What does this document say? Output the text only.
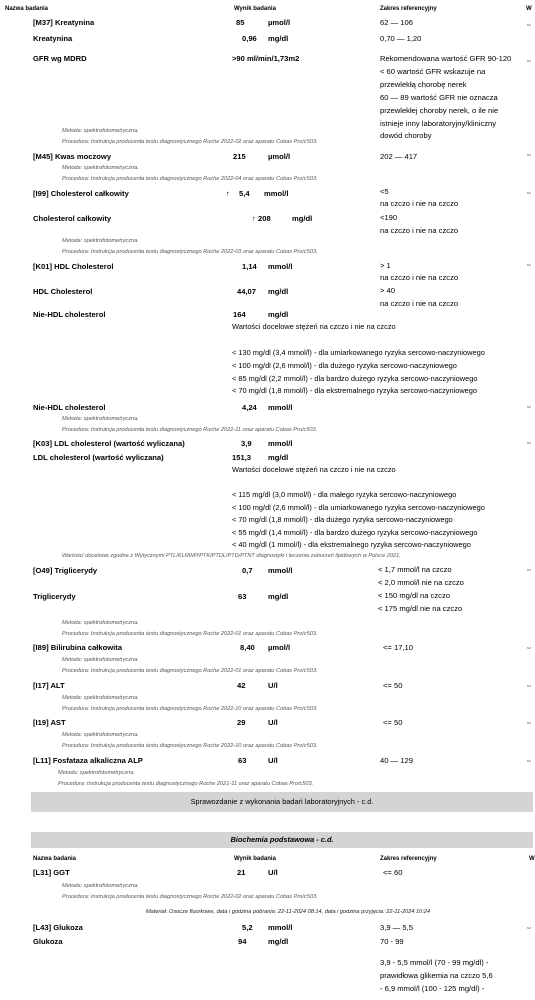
Nazwa badania	Wynik badania	Zakres referencyjny	W
[M37] Kreatynina	85	µmol/l	62 — 106
Kreatynina	0,96 mg/dl	0,70 — 1,20
GFR wg MDRD	>90 ml/min/1,73m2	Rekomendowana wartość GFR 90-120
< 60 wartość GFR wskazuje na
przewlekłą chorobę nerek
60 — 89 wartość GFR nie oznacza
przewlekłej choroby nerek, o ile nie
istnieje inny laboratoryjny/kliniczny
dowód choroby
Metoda: spektrofotometryczna.
Procedura: Instrukcja producenta testu diagnostycznego Roche 2022-02 oraz aparatu Cobas Pro/c503.
[M45] Kwas moczowy	215	µmol/l	202 — 417
Metoda: spektrofotometryczna.
Procedura: Instrukcja producenta testu diagnostycznego Roche 2022-04 oraz aparatu Cobas Pro/c503.
[I99] Cholesterol całkowity	↑ 5,4 mmol/l	<5
na czczo i nie na czczo
Cholesterol całkowity	↑ 208	mg/dl	<190
na czczo i nie na czczo
Metoda: spektrofotometryczna.
Procedura: Instrukcja producenta testu diagnostycznego Roche 2022-03 oraz aparatu Cobas Pro/c503.
[K01] HDL Cholesterol	1,14 mmol/l	> 1
na czczo i nie na czczo
HDL Cholesterol	44,07 mg/dl	> 40
na czczo i nie na czczo
Nie-HDL cholesterol	164	mg/dl
Wartości docelowe stężeń na czczo i nie na czczo
< 130 mg/dl (3,4 mmol/l) - dla umiarkowanego ryzyka sercowo-naczyniowego
< 100 mg/dl (2,6 mmol/l) - dla dużego ryzyka sercowo-naczyniowego
< 85 mg/dl (2,2 mmol/l) - dla bardzo dużego ryzyka sercowo-naczyniowego
< 70 mg/dl (1,8 mmol/l) - dla ekstremalnego ryzyka sercowo-naczyniowego
Nie-HDL cholesterol	4,24 mmol/l
Metoda: spektrofotometryczna.
Procedura: Instrukcja producenta testu diagnostycznego Roche 2022-11 oraz aparatu Cobas Pro/c503.
[K03] LDL cholesterol (wartość wyliczana)	3,9 mmol/l
LDL cholesterol (wartość wyliczana)	151,3 mg/dl
Wartości docelowe stężeń na czczo i nie na czczo
< 115 mg/dl (3,0 mmol/l) - dla małego ryzyka sercowo-naczyniowego
< 100 mg/dl (2,6 mmol/l) - dla umiarkowanego ryzyka sercowo-naczyniowego
< 70 mg/dl (1,8 mmol/l) - dla dużego ryzyka sercowo-naczyniowego
< 55 mg/dl (1,4 mmol/l) - dla bardzo dużego ryzyka sercowo-naczyniowego
< 40 mg/dl (1 mmol/l) - dla ekstremalnego ryzyka sercowo-naczyniowego
Wartości docelowe zgodne z Wytycznymi PTL/KLRWP/PTK/PTDL/PTD/PTNT diagnostyki i leczenia zaburzeń lipidowych w Polsce 2021.
[O49] Triglicerydy	0,7 mmol/l	< 1,7 mmol/l na czczo
< 2,0 mmol/l nie na czczo
Triglicerydy	63	mg/dl	< 150 mg/dl na czczo
< 175 mg/dl nie na czczo
Metoda: spektrofotometryczna.
Procedura: Instrukcja producenta testu diagnostycznego Roche 2022-01 oraz aparatu Cobas Pro/c503.
[I89] Bilirubina całkowita	8,40 µmol/l	<= 17,10
Metoda: spektrofotometryczna.
Procedura: Instrukcja producenta testu diagnostycznego Roche 2022-01 oraz aparatu Cobas Pro/c503.
[I17] ALT	42	U/l	<= 50
Metoda: spektrofotometryczna.
Procedura: Instrukcja producenta testu diagnostycznego Roche 2022-10 oraz aparatu Cobas Pro/c503.
[I19] AST	29	U/l	<= 50
Metoda: spektrofotometryczna.
Procedura: Instrukcja producenta testu diagnostycznego Roche 2022-10 oraz aparatu Cobas Pro/c503.
[L11] Fosfataza alkaliczna ALP	63	U/l	40 — 129
Metoda: spektrofotometryczna.
Procedura: Instrukcja producenta testu diagnostycznego Roche 2021-11 oraz aparatu Cobas Pro/c503.
Sprawozdanie z wykonania badań laboratoryjnych - c.d.
Biochemia podstawowa - c.d.
Nazwa badania	Wynik badania	Zakres referencyjny	W
[L31] GGT	21	U/l	<= 60
Metoda: spektrofotometryczna.
Procedura: Instrukcja producenta testu diagnostycznego Roche 2022-02 oraz aparatu Cobas Pro/c503.
Materiał: Osocze fluorkowe, data i godzina pobrania: 22-11-2024 08:14, data i godzina przyjęcia: 22-11-2024 10:24
[L43] Glukoza	5,2 mmol/l	3,9 — 5,5
Glukoza	94	mg/dl	70 - 99
3,9 - 5,5 mmol/l (70 - 99 mg/dl) -
prawidłowa glikemia na czczo 5,6
- 6,9 mmol/l (100 - 125 mg/dl) -
sz
sz
sz
sz
sz
sz
sz
sz
sz
sz
sz
sz
sz
